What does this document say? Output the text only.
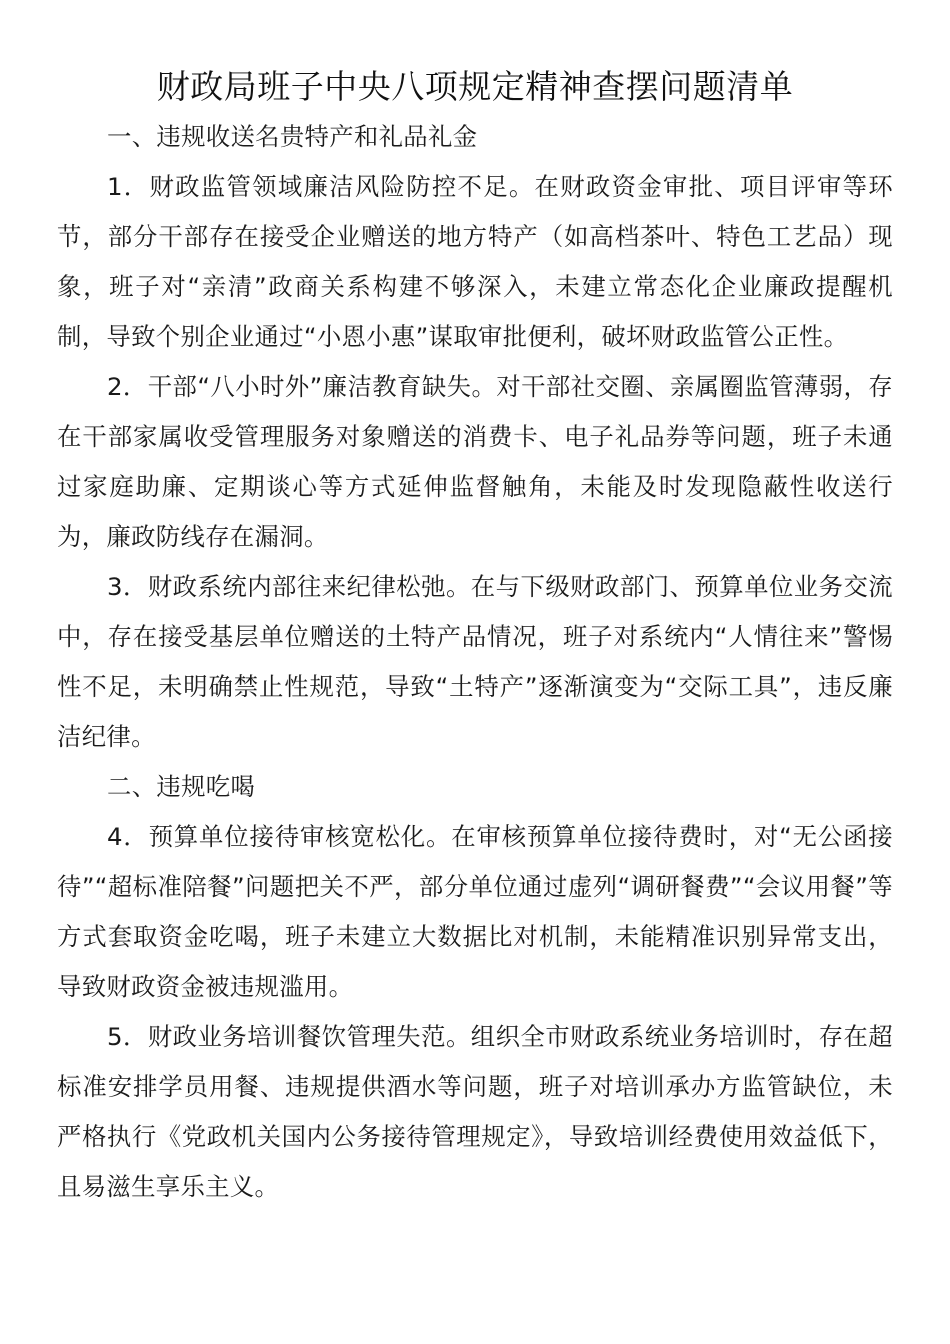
财政局班子中央八项规定精神查摆问题清单

一、违规收送名贵特产和礼品礼金

1．财政监管领域廉洁风险防控不足。在财政资金审批、项目评审等环节，部分干部存在接受企业赠送的地方特产（如高档茶叶、特色工艺品）现象，班子对“亲清”政商关系构建不够深入，未建立常态化企业廉政提醒机制，导致个别企业通过“小恩小惠”谋取审批便利，破坏财政监管公正性。

2．干部“八小时外”廉洁教育缺失。对干部社交圈、亲属圈监管薄弱，存在干部家属收受管理服务对象赠送的消费卡、电子礼品券等问题，班子未通过家庭助廉、定期谈心等方式延伸监督触角，未能及时发现隐蔽性收送行为，廉政防线存在漏洞。

3．财政系统内部往来纪律松弛。在与下级财政部门、预算单位业务交流中，存在接受基层单位赠送的土特产品情况，班子对系统内“人情往来”警惕性不足，未明确禁止性规范，导致“土特产”逐渐演变为“交际工具”，违反廉洁纪律。

二、违规吃喝

4．预算单位接待审核宽松化。在审核预算单位接待费时，对“无公函接待”“超标准陪餐”问题把关不严，部分单位通过虚列“调研餐费”“会议用餐”等方式套取资金吃喝，班子未建立大数据比对机制，未能精准识别异常支出，导致财政资金被违规滥用。

5．财政业务培训餐饮管理失范。组织全市财政系统业务培训时，存在超标准安排学员用餐、违规提供酒水等问题，班子对培训承办方监管缺位，未严格执行《党政机关国内公务接待管理规定》，导致培训经费使用效益低下，且易滋生享乐主义。
